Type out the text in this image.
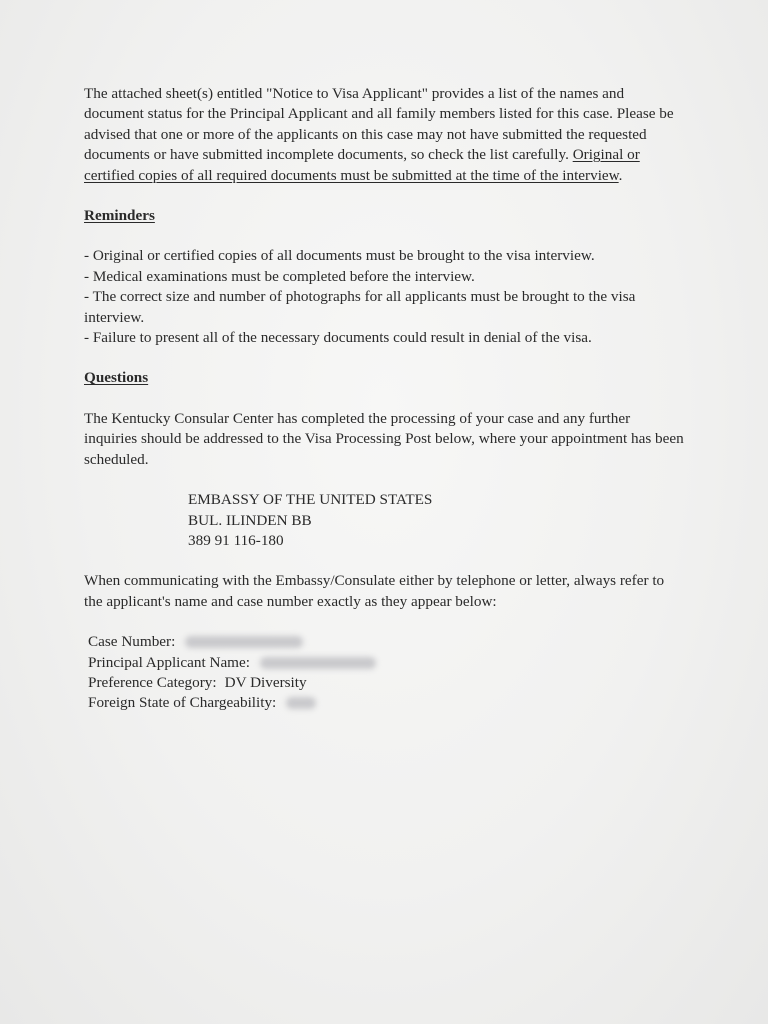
The attached sheet(s) entitled "Notice to Visa Applicant" provides a list of the names and document status for the Principal Applicant and all family members listed for this case. Please be advised that one or more of the applicants on this case may not have submitted the requested documents or have submitted incomplete documents, so check the list carefully. Original or certified copies of all required documents must be submitted at the time of the interview.

Reminders

- Original or certified copies of all documents must be brought to the visa interview.

- Medical examinations must be completed before the interview.

- The correct size and number of photographs for all applicants must be brought to the visa interview.

- Failure to present all of the necessary documents could result in denial of the visa.

Questions

The Kentucky Consular Center has completed the processing of your case and any further inquiries should be addressed to the Visa Processing Post below, where your appointment has been scheduled.

EMBASSY OF THE UNITED STATES
BUL. ILINDEN BB
389 91 116-180

When communicating with the Embassy/Consulate either by telephone or letter, always refer to the applicant's name and case number exactly as they appear below:

Case Number:
Principal Applicant Name:
Preference Category: DV Diversity
Foreign State of Chargeability:
